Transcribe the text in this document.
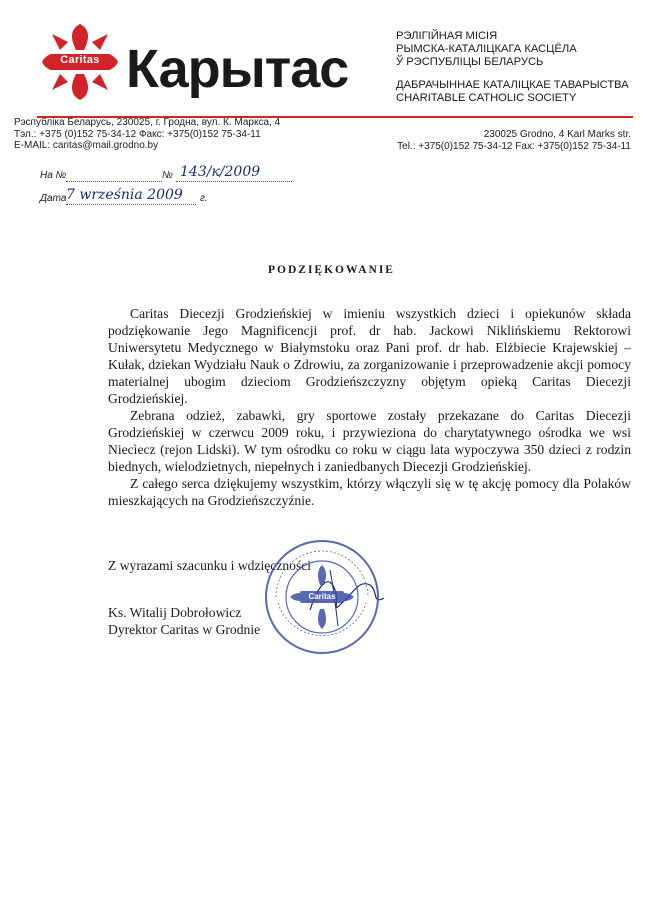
Caritas Карытас
РЭЛІГІЙНАЯ МІСІЯ
РЫМСКА-КАТАЛІЦКАГА КАСЦЁЛА
Ў РЭСПУБЛІЦЫ БЕЛАРУСЬ
ДАБРАЧЫННАЕ КАТАЛІЦКАЕ ТАВАРЫСТВА
CHARITABLE CATHOLIC SOCIETY
Рэспубліка Беларусь, 230025, г. Гродна, вул. К. Маркса, 4
Тэл.: +375 (0)152 75-34-12 Факс: +375(0)152 75-34-11
E-MAIL: caritas@mail.grodno.by
230025 Grodno, 4 Karl Marks str.
Tel.: +375(0)152 75-34-12 Fax: +375(0)152 75-34-11
На №	№ 143/к/2009
Дата 7 września 2009 г.
PODZIĘKOWANIE

Caritas Diecezji Grodzieńskiej w imieniu wszystkich dzieci i opiekunów składa podziękowanie Jego Magnificencji prof. dr hab. Jackowi Niklińskiemu Rektorowi Uniwersytetu Medycznego w Białymstoku oraz Pani prof. dr hab. Elżbiecie Krajewskiej – Kułak, dziekan Wydziału Nauk o Zdrowiu, za zorganizowanie i przeprowadzenie akcji pomocy materialnej ubogim dzieciom Grodzieńszczyzny objętym opieką Caritas Diecezji Grodzieńskiej.

Zebrana odzież, zabawki, gry sportowe zostały przekazane do Caritas Diecezji Grodzieńskiej w czerwcu 2009 roku, i przywieziona do charytatywnego ośrodka we wsi Niecìecz (rejon Lidski). W tym ośrodku co roku w ciągu lata wypoczywa 350 dzieci z rodzin biednych, wielodzietnych, niepełnych i zaniedbanych Diecezji Grodzieńskiej.

Z całego serca dziękujemy wszystkim, którzy włączyli się w tę akcję pomocy dla Polaków mieszkających na Grodzieńszczyźnie.

Z wyrazami szacunku i wdzięczności
Ks. Witalij Dobrołowicz
Dyrektor Caritas w Grodnie
Caritas
